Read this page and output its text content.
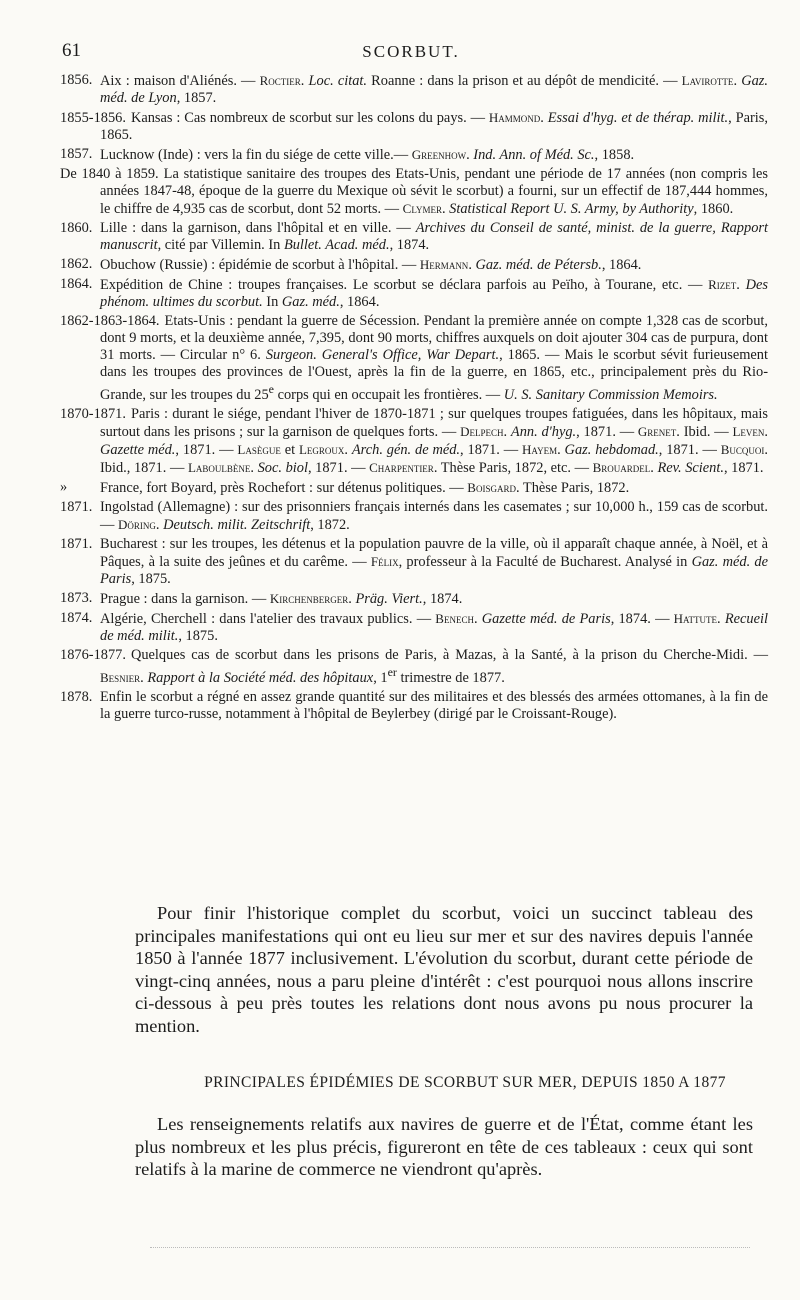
61	SCORBUT.
1856. Aix : maison d'Aliénés. — Roctier. Loc. citat. Roanne : dans la prison et au dépôt de mendicité. — Lavirotte. Gaz. méd. de Lyon, 1857.
1855-1856. Kansas : Cas nombreux de scorbut sur les colons du pays. — Hammond. Essai d'hyg. et de thérap. milit., Paris, 1865.
1857. Lucknow (Inde) : vers la fin du siége de cette ville.— Greenhow. Ind. Ann. of Méd. Sc., 1858.
De 1840 à 1859. La statistique sanitaire des troupes des Etats-Unis, pendant une période de 17 années (non compris les années 1847-48, époque de la guerre du Mexique où sévit le scorbut) a fourni, sur un effectif de 187,444 hommes, le chiffre de 4,935 cas de scorbut, dont 52 morts. — Clymer. Statistical Report U. S. Army, by Authority, 1860.
1860. Lille : dans la garnison, dans l'hôpital et en ville. — Archives du Conseil de santé, minist. de la guerre, Rapport manuscrit, cité par Villemin. In Bullet. Acad. méd., 1874.
1862. Obuchow (Russie) : épidémie de scorbut à l'hôpital. — Hermann. Gaz. méd. de Pétersb., 1864.
1864. Expédition de Chine : troupes françaises. Le scorbut se déclara parfois au Peïho, à Tourane, etc. — Rizet. Des phénom. ultimes du scorbut. In Gaz. méd., 1864.
1862-1863-1864. Etats-Unis : pendant la guerre de Sécession. Pendant la première année on compte 1,328 cas de scorbut, dont 9 morts, et la deuxième année, 7,395, dont 90 morts, chiffres auxquels on doit ajouter 304 cas de purpura, dont 31 morts. — Circular n° 6. Surgeon. General's Office, War Depart., 1865. — Mais le scorbut sévit furieusement dans les troupes des provinces de l'Ouest, après la fin de la guerre, en 1865, etc., principalement près du Rio-Grande, sur les troupes du 25e corps qui en occupait les frontières. — U. S. Sanitary Commission Memoirs.
1870-1871. Paris : durant le siége, pendant l'hiver de 1870-1871 ; sur quelques troupes fatiguées, dans les hôpitaux, mais surtout dans les prisons ; sur la garnison de quelques forts. — Delpech. Ann. d'hyg., 1871. — Grenet. Ibid. — Leven. Gazette méd., 1871. — Lasègue et Legroux. Arch. gén. de méd., 1871. — Hayem. Gaz. hebdomad., 1871. — Bucquoi. Ibid., 1871. — Laboulbène. Soc. biol, 1871. — Charpentier. Thèse Paris, 1872, etc. — Brouardel. Rev. Scient., 1871.
» France, fort Boyard, près Rochefort : sur détenus politiques. — Boisgard. Thèse Paris, 1872.
1871. Ingolstad (Allemagne) : sur des prisonniers français internés dans les casemates ; sur 10,000 h., 159 cas de scorbut. — Döring. Deutsch. milit. Zeitschrift, 1872.
1871. Bucharest : sur les troupes, les détenus et la population pauvre de la ville, où il apparaît chaque année, à Noël, et à Pâques, à la suite des jeûnes et du carême. — Félix, professeur à la Faculté de Bucharest. Analysé in Gaz. méd. de Paris, 1875.
1873. Prague : dans la garnison. — Kirchenberger. Präg. Viert., 1874.
1874. Algérie, Cherchell : dans l'atelier des travaux publics. — Benech. Gazette méd. de Paris, 1874. — Hattute. Recueil de méd. milit., 1875.
1876-1877. Quelques cas de scorbut dans les prisons de Paris, à Mazas, à la Santé, à la prison du Cherche-Midi. — Besnier. Rapport à la Société méd. des hôpitaux, 1er trimestre de 1877.
1878. Enfin le scorbut a régné en assez grande quantité sur des militaires et des blessés des armées ottomanes, à la fin de la guerre turco-russe, notamment à l'hôpital de Beylerbey (dirigé par le Croissant-Rouge).
Pour finir l'historique complet du scorbut, voici un succinct tableau des principales manifestations qui ont eu lieu sur mer et sur des navires depuis l'année 1850 à l'année 1877 inclusivement. L'évolution du scorbut, durant cette période de vingt-cinq années, nous a paru pleine d'intérêt : c'est pourquoi nous allons inscrire ci-dessous à peu près toutes les relations dont nous avons pu nous procurer la mention.
PRINCIPALES ÉPIDÉMIES DE SCORBUT SUR MER, DEPUIS 1850 A 1877
Les renseignements relatifs aux navires de guerre et de l'État, comme étant les plus nombreux et les plus précis, figureront en tête de ces tableaux : ceux qui sont relatifs à la marine de commerce ne viendront qu'après.
